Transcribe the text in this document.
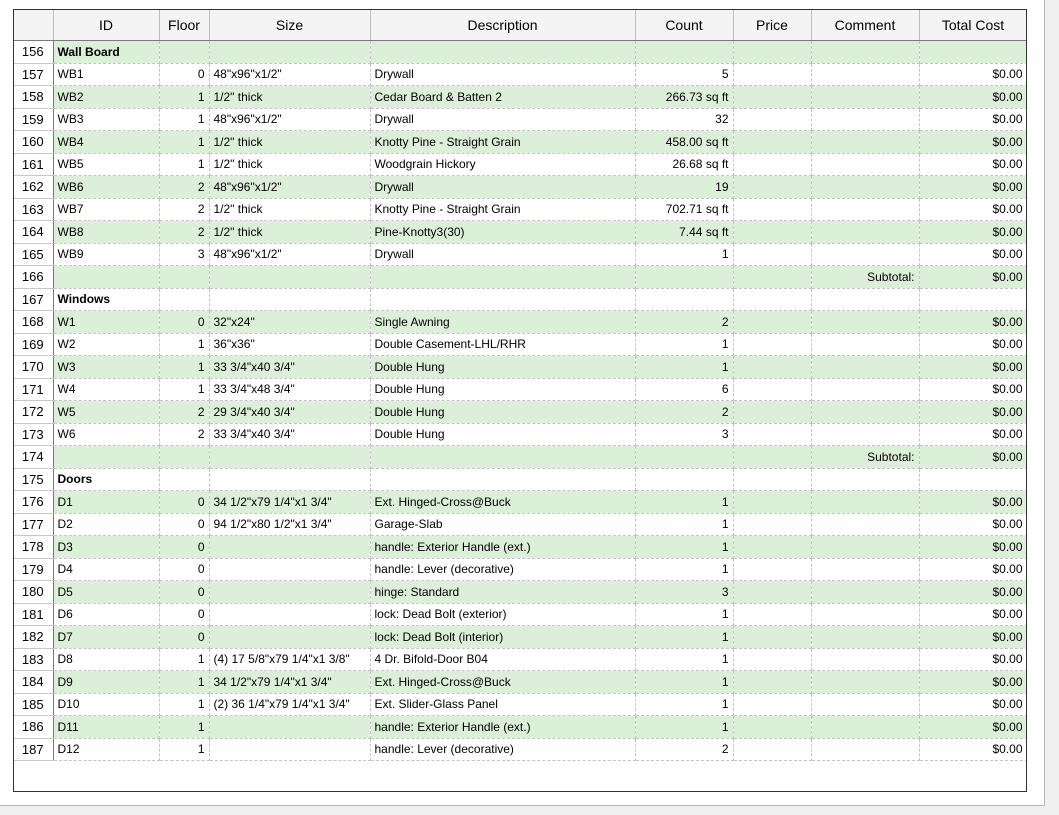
	ID	Floor	Size	Description	Count	Price	Comment	Total Cost
156	Wall Board							
157	WB1	0	48"x96"x1/2"	Drywall	5			$0.00
158	WB2	1	1/2" thick	Cedar Board & Batten 2	266.73 sq ft			$0.00
159	WB3	1	48"x96"x1/2"	Drywall	32			$0.00
160	WB4	1	1/2" thick	Knotty Pine - Straight Grain	458.00 sq ft			$0.00
161	WB5	1	1/2" thick	Woodgrain Hickory	26.68 sq ft			$0.00
162	WB6	2	48"x96"x1/2"	Drywall	19			$0.00
163	WB7	2	1/2" thick	Knotty Pine - Straight Grain	702.71 sq ft			$0.00
164	WB8	2	1/2" thick	Pine-Knotty3(30)	7.44 sq ft			$0.00
165	WB9	3	48"x96"x1/2"	Drywall	1			$0.00
166							Subtotal:	$0.00
167	Windows							
168	W1	0	32"x24"	Single Awning	2			$0.00
169	W2	1	36"x36"	Double Casement-LHL/RHR	1			$0.00
170	W3	1	33 3/4"x40 3/4"	Double Hung	1			$0.00
171	W4	1	33 3/4"x48 3/4"	Double Hung	6			$0.00
172	W5	2	29 3/4"x40 3/4"	Double Hung	2			$0.00
173	W6	2	33 3/4"x40 3/4"	Double Hung	3			$0.00
174							Subtotal:	$0.00
175	Doors							
176	D1	0	34 1/2"x79 1/4"x1 3/4"	Ext. Hinged-Cross@Buck	1			$0.00
177	D2	0	94 1/2"x80 1/2"x1 3/4"	Garage-Slab	1			$0.00
178	D3	0		handle: Exterior Handle (ext.)	1			$0.00
179	D4	0		handle: Lever (decorative)	1			$0.00
180	D5	0		hinge: Standard	3			$0.00
181	D6	0		lock: Dead Bolt (exterior)	1			$0.00
182	D7	0		lock: Dead Bolt (interior)	1			$0.00
183	D8	1	(4) 17 5/8"x79 1/4"x1 3/8"	4 Dr. Bifold-Door B04	1			$0.00
184	D9	1	34 1/2"x79 1/4"x1 3/4"	Ext. Hinged-Cross@Buck	1			$0.00
185	D10	1	(2) 36 1/4"x79 1/4"x1 3/4"	Ext. Slider-Glass Panel	1			$0.00
186	D11	1		handle: Exterior Handle (ext.)	1			$0.00
187	D12	1		handle: Lever (decorative)	2			$0.00
